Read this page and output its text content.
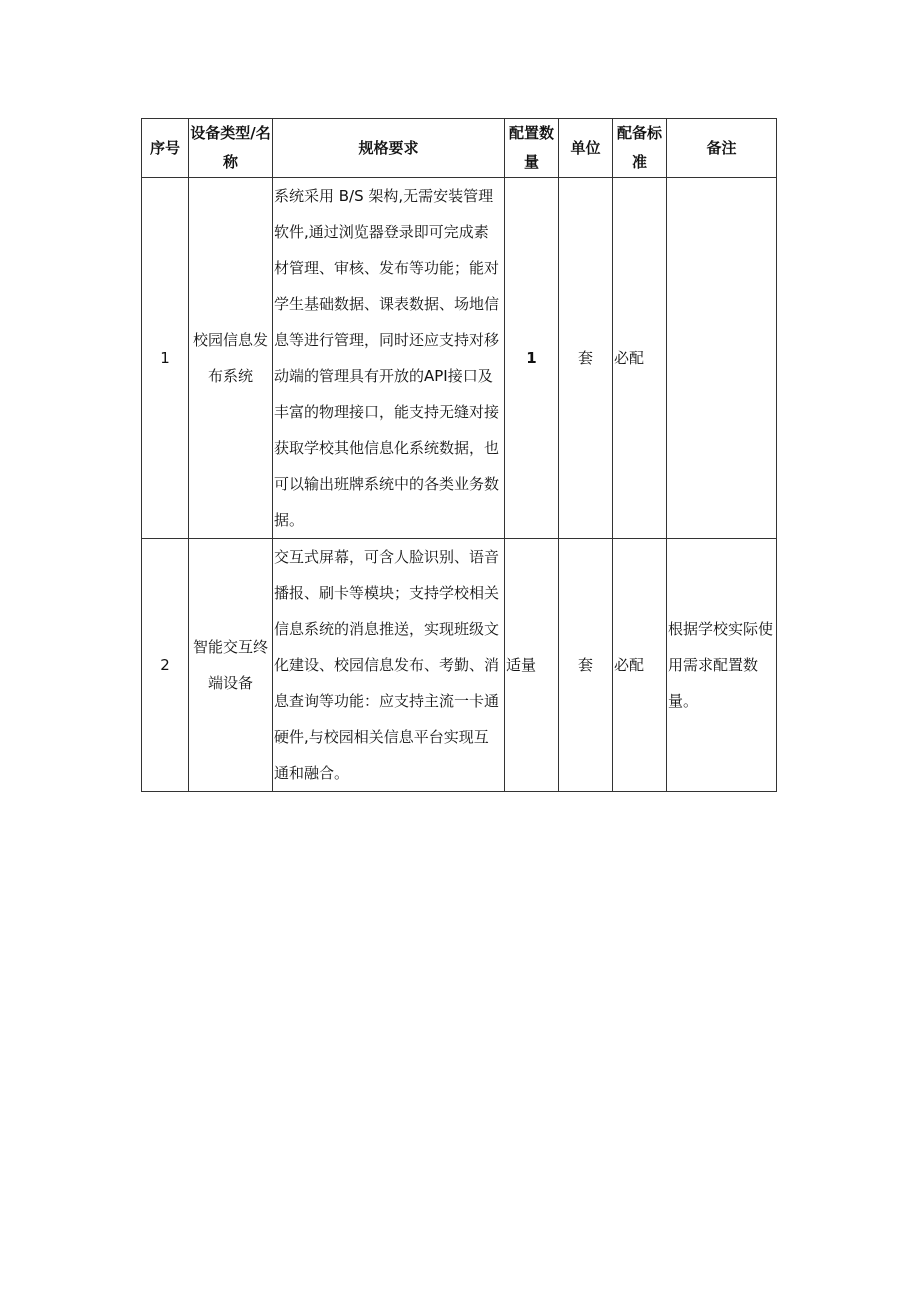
序号	设备类型/名称	规格要求	配置数量	单位	配备标准	备注
1	校园信息发布系统	系统采用 B/S 架构,无需安装管理软件,通过浏览器登录即可完成素材管理、审核、发布等功能；能对学生基础数据、课表数据、场地信息等进行管理，同时还应支持对移动端的管理具有开放的API接口及丰富的物理接口，能支持无缝对接获取学校其他信息化系统数据，也可以输出班牌系统中的各类业务数据。	1	套	必配	
2	智能交互终端设备	交互式屏幕，可含人脸识别、语音播报、刷卡等模块；支持学校相关信息系统的消息推送，实现班级文化建设、校园信息发布、考勤、消息查询等功能：应支持主流一卡通硬件,与校园相关信息平台实现互通和融合。	适量	套	必配	根据学校实际使用需求配置数量。
